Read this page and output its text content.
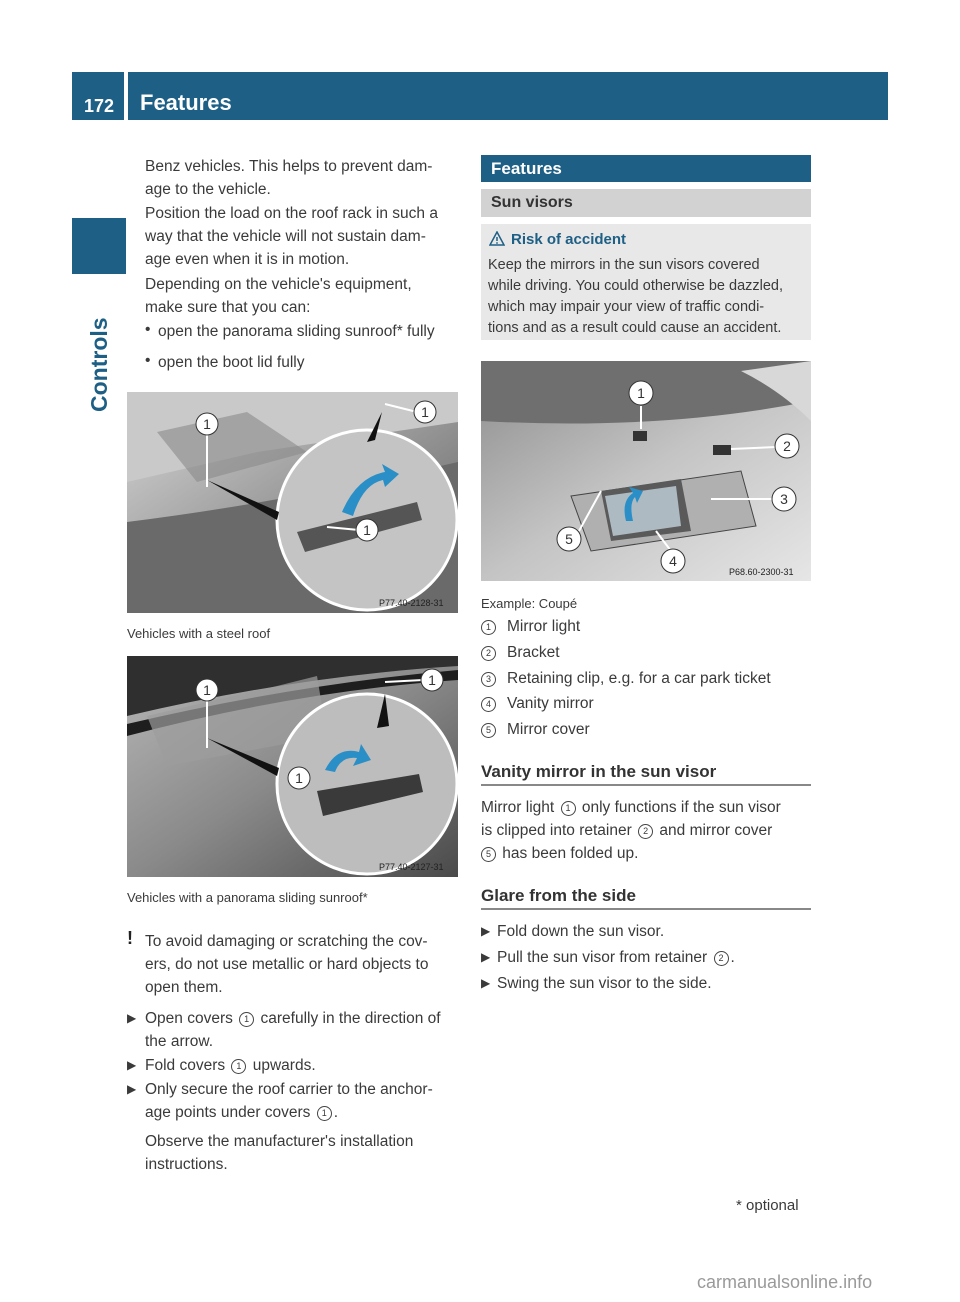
172 Features
Controls
Benz vehicles. This helps to prevent dam-
age to the vehicle.
Position the load on the roof rack in such a
way that the vehicle will not sustain dam-
age even when it is in motion.
Depending on the vehicle's equipment,
make sure that you can:
• open the panorama sliding sunroof* fully
• open the boot lid fully
1
1
1
P77.40-2128-31
Vehicles with a steel roof
1
1
1
P77.40-2127-31
Vehicles with a panorama sliding sunroof*
! To avoid damaging or scratching the cov-
ers, do not use metallic or hard objects to
open them.
▶ Open covers 1 carefully in the direction of
the arrow.
▶ Fold covers 1 upwards.
▶ Only secure the roof carrier to the anchor-
age points under covers 1 .
Observe the manufacturer's installation
instructions.
Features
Sun visors
Risk of accident
Keep the mirrors in the sun visors covered
while driving. You could otherwise be dazzled,
which may impair your view of traffic condi-
tions and as a result could cause an accident.
1
2
3
4
5
P68.60-2300-31
Example: Coupé
1 Mirror light
2 Bracket
3 Retaining clip, e.g. for a car park ticket
4 Vanity mirror
5 Mirror cover
Vanity mirror in the sun visor
Mirror light 1 only functions if the sun visor
is clipped into retainer 2 and mirror cover
5 has been folded up.
Glare from the side
▶ Fold down the sun visor.
▶ Pull the sun visor from retainer 2 .
▶ Swing the sun visor to the side.
* optional
carmanualsonline.info
